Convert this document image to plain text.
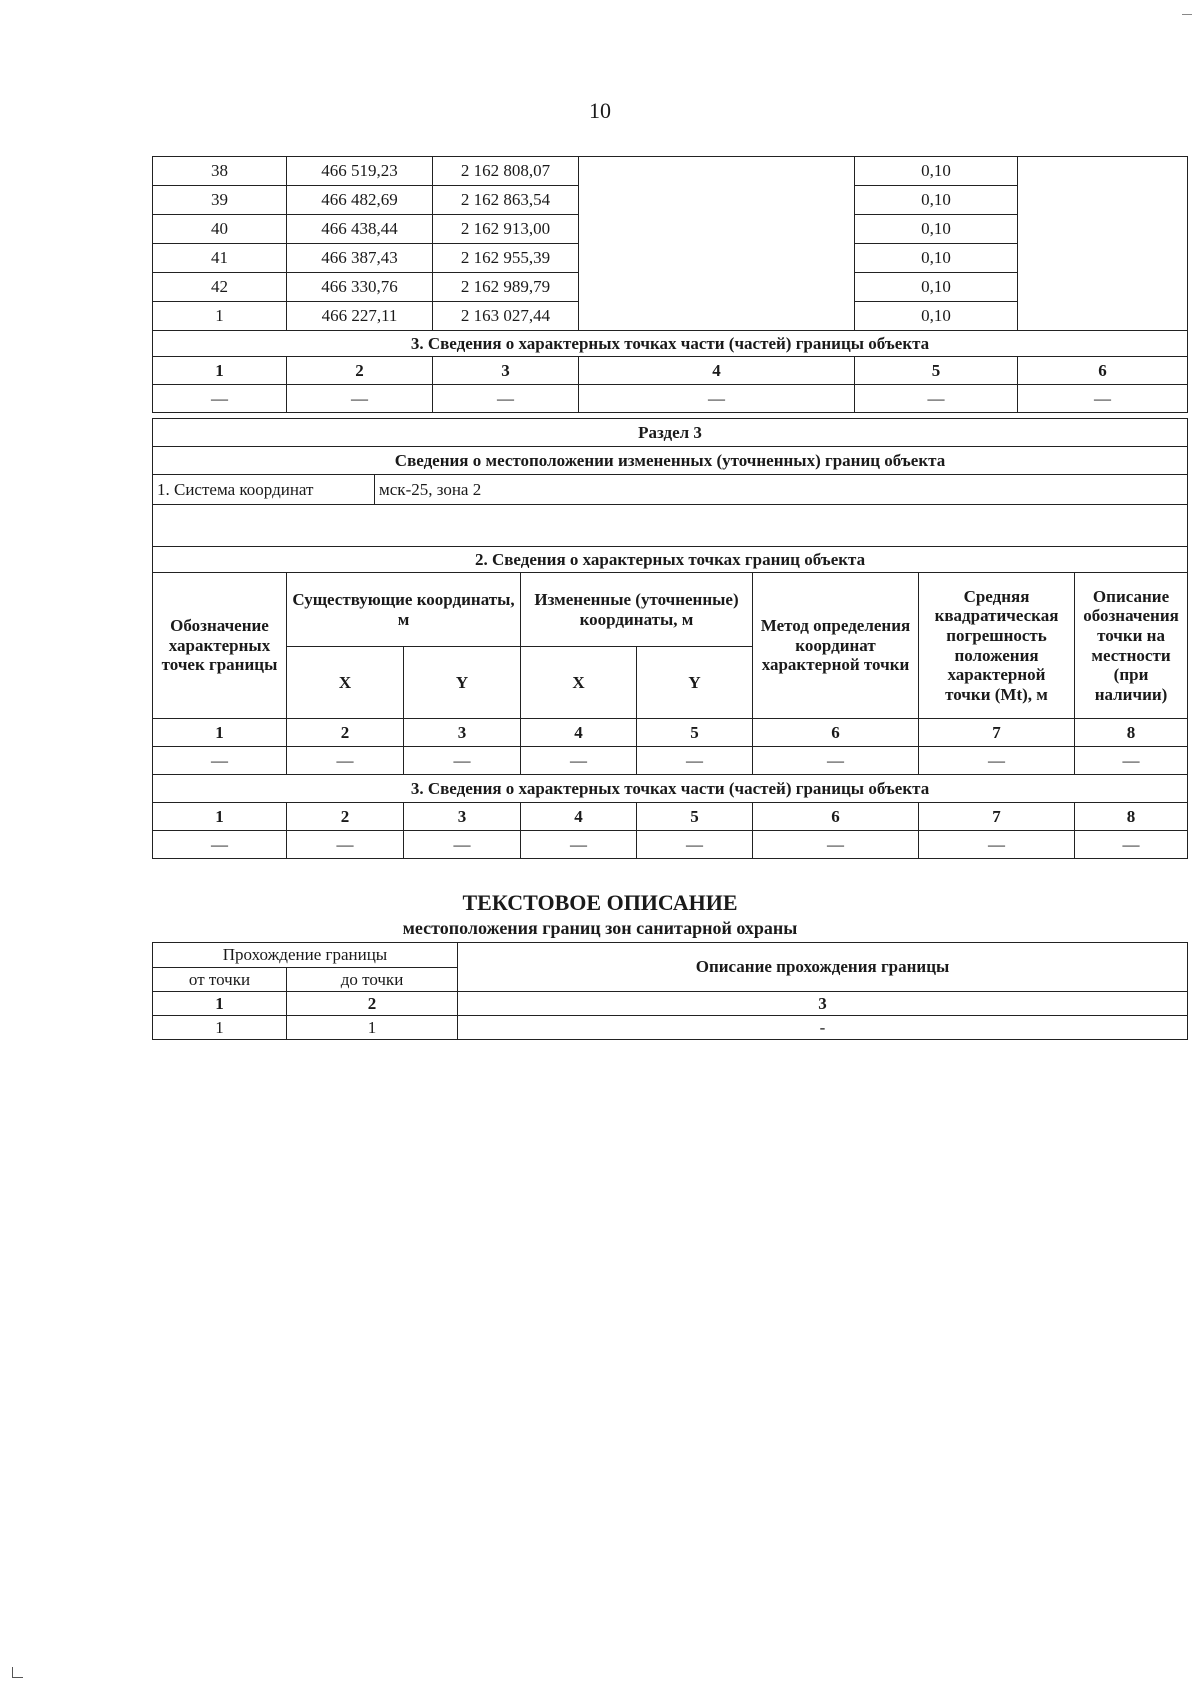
10
38	466 519,23	2 162 808,07		0,10	
39	466 482,69	2 162 863,54		0,10	
40	466 438,44	2 162 913,00		0,10	
41	466 387,43	2 162 955,39		0,10	
42	466 330,76	2 162 989,79		0,10	
1	466 227,11	2 163 027,44		0,10	
3. Сведения о характерных точках части (частей) границы объекта					
1	2	3	4	5	6
—	—	—	—	—	—
Раздел 3
Сведения о местоположении измененных (уточненных) границ объекта
1. Система координат	мск-25, зона 2

2. Сведения о характерных точках границ объекта							
Обозначение характерных точек границы	Существующие координаты, м		Измененные (уточненные) координаты, м		Метод определения координат характерной точки	Средняя квадратическая погрешность положения характерной точки (Mt), м	Описание обозначения точки на местности (при наличии)
	X	Y	X	Y			
1	2	3	4	5	6	7	8
—	—	—	—	—	—	—	—
3. Сведения о характерных точках части (частей) границы объекта							
1	2	3	4	5	6	7	8
—	—	—	—	—	—	—	—
ТЕКСТОВОЕ ОПИСАНИЕ
местоположения границ зон санитарной охраны
Прохождение границы		Описание прохождения границы
от точки	до точки	
1	2	3
1	1	-
